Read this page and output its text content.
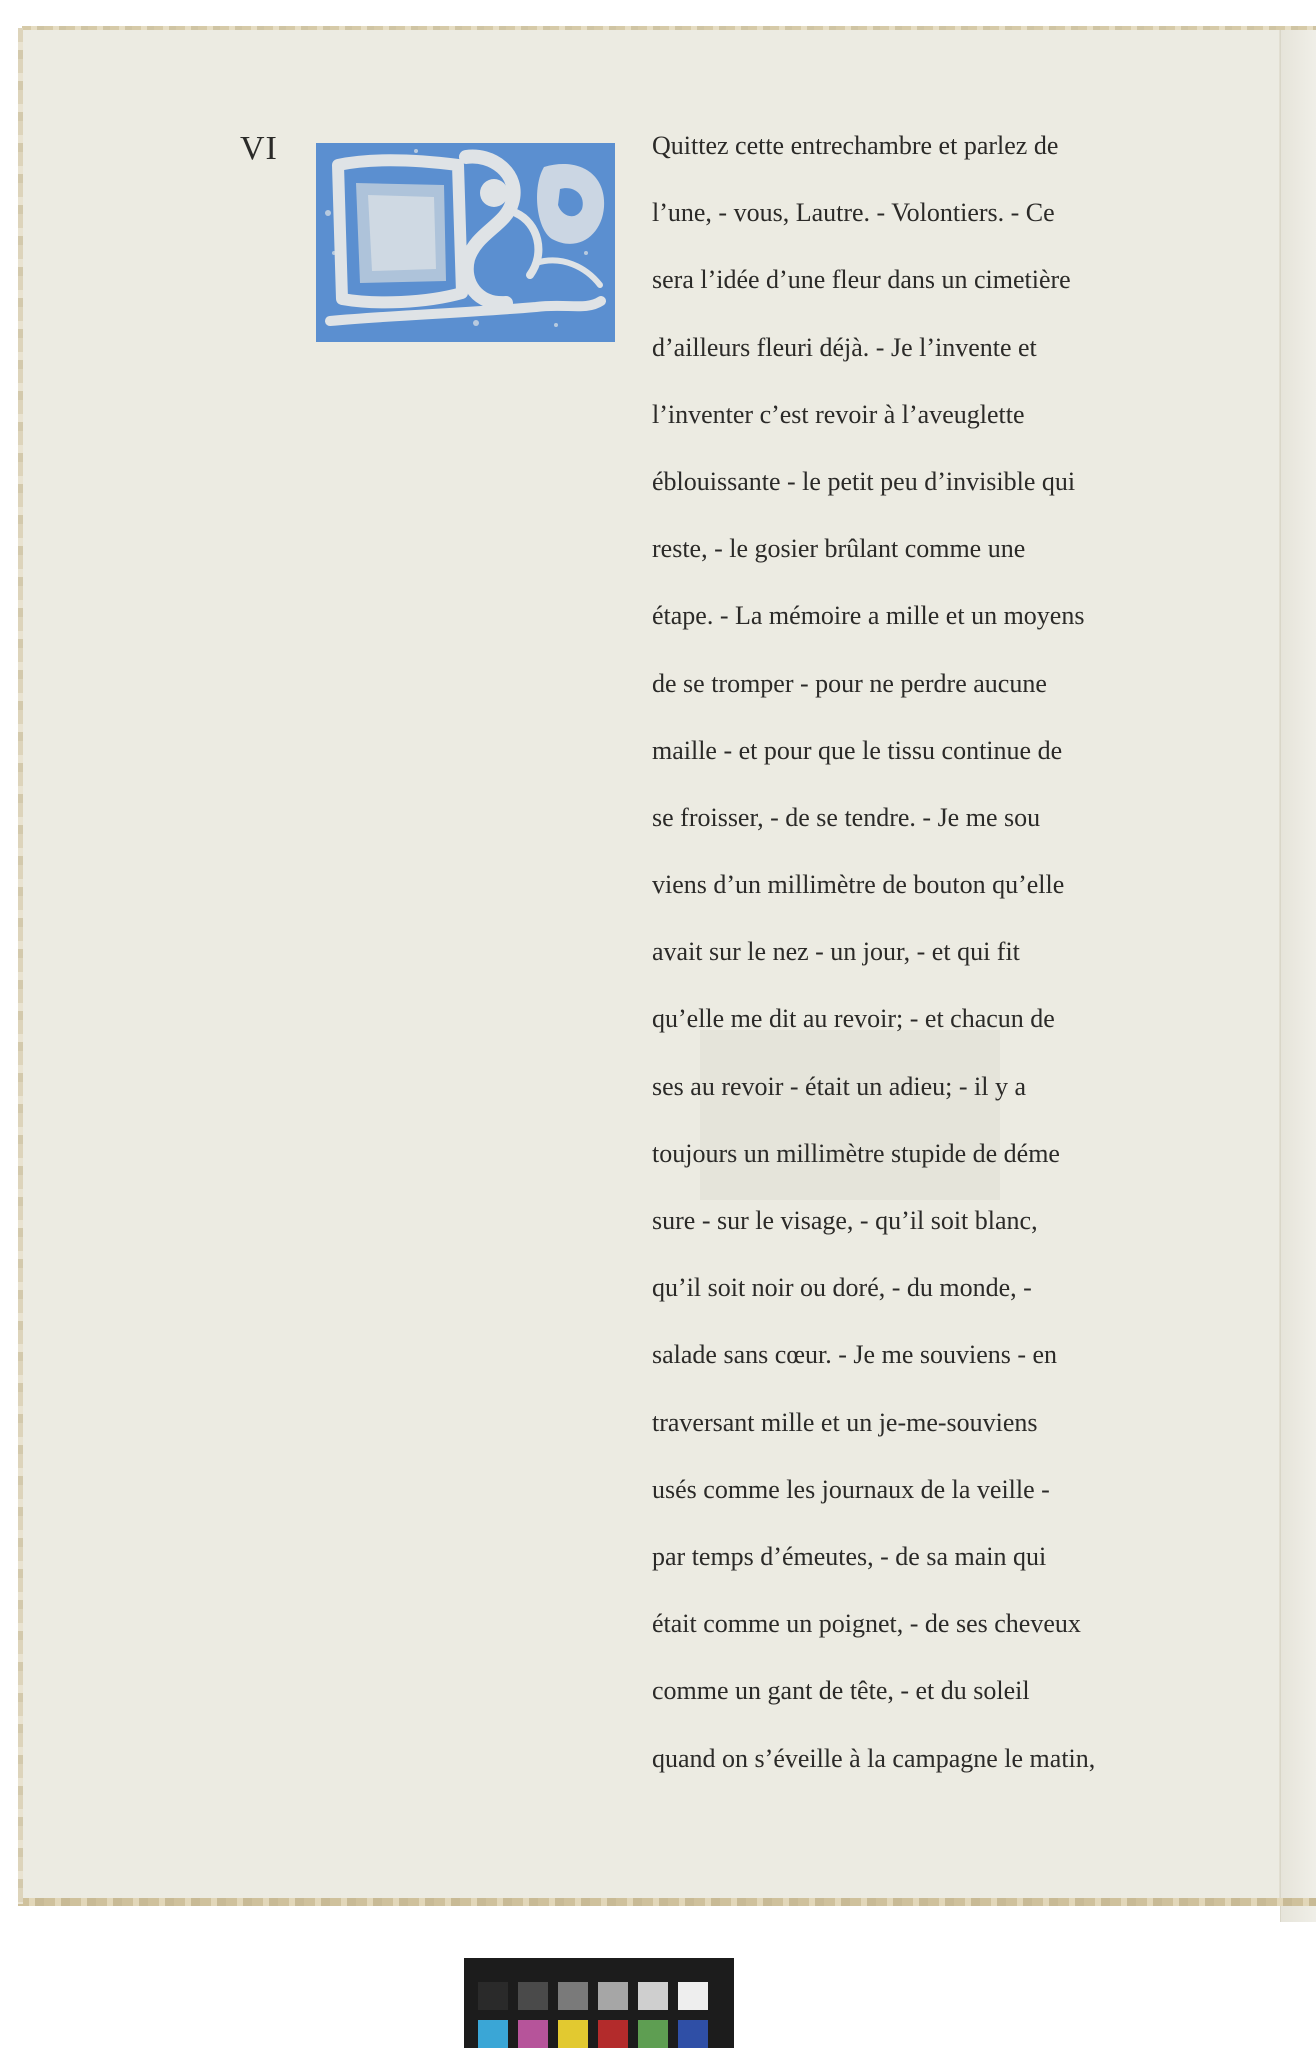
VI	Quittez cette entrechambre et parlez de
l’une, - vous, Lautre. - Volontiers. - Ce
sera l’idée d’une fleur dans un cimetière
d’ailleurs fleuri déjà. - Je l’invente et
l’inventer c’est revoir à l’aveuglette
éblouissante - le petit peu d’invisible qui
reste, - le gosier brûlant comme une
étape. - La mémoire a mille et un moyens
de se tromper - pour ne perdre aucune
maille - et pour que le tissu continue de
se froisser, - de se tendre. - Je me sou
viens d’un millimètre de bouton qu’elle
avait sur le nez - un jour, - et qui fit
qu’elle me dit au revoir; - et chacun de
ses au revoir - était un adieu; - il y a
toujours un millimètre stupide de déme
sure - sur le visage, - qu’il soit blanc,
qu’il soit noir ou doré, - du monde, -
salade sans cœur. - Je me souviens - en
traversant mille et un je-me-souviens
usés comme les journaux de la veille -
par temps d’émeutes, - de sa main qui
était comme un poignet, - de ses cheveux
comme un gant de tête, - et du soleil
quand on s’éveille à la campagne le matin,
